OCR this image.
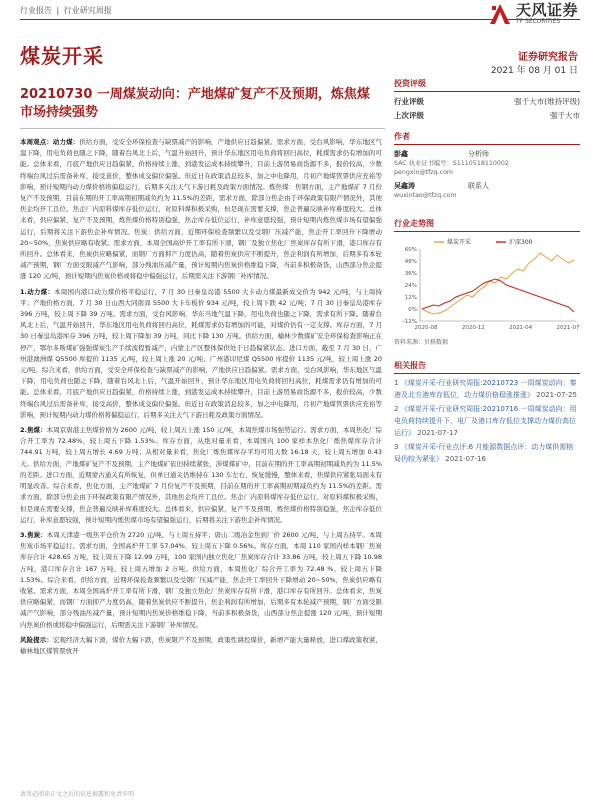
行业报告 | 行业研究周报	天风证券
TF SECURITIES
煤炭开采	证券研究报告
2021 年 08 月 01 日
20210730 一周煤炭动向：产地煤矿复产不及预期，炼焦煤市场持续强势

本周观点：动力煤：供给方面，受安全环保检查与缺票减产的影响，产地供应日趋偏紧。需求方面，受台风影响，华东地区气温下降，用电负荷也随之下降，随着台风北上后，气温升始回升，预计华东地区用电负荷将回归高位，耗煤需求仍有增加的可能。总体来看，月底产地供应日趋偏紧，价格持续上涨，到港发运成本持续攀升，目前上游贸易商货源不多，报价较高，少数终端台风过后需备补库，接受意价，整体成交偏位偏强。但近日在政策消息较多，加之中电降用，月初产地煤管票供应充裕等影响，预计短期内动力煤价格将偏稳运行，后期多关注天气下游日耗及政策方面情况。炼焦煤：焦钢方面，主产地煤矿 7 月份复产不及预期，目前在期的开工率高期初期减负约为 11.5%的差距，需求方面，除部分焦企由于环保政策有限产情况外，其他焦企均开工良位。焦企厂内原料煤库存低位运行，对原料煤积极采购，但是现在需要支撑，焦企普遍反映补库难度较大。总体来看，供应偏紧，复产不及预期，炼焦煤价格特别稳强，焦企库存低位运行，补库意愿较强，预计短期内炼焦煤市场有望偏强运行，后期将关注下游焦企补库情况。焦炭：供给方面，近期环保检查频繁以及受钢厂压减产能，焦企开工率回升下降增动 20~50%，焦炭供应略有收紧。需求方面，本周全国高炉开工率有所下滑，钢厂及独立焦化厂焦炭库存有所下滑，港口库存有所回升。总体看来，焦炭供应略偏紧，而钢厂方面抑产力度仍高，随着焦炭供应不断提升，焦企利润有所增加，后期多有本轮减产预期，钢厂方面受限减产气影响，部分残油压减产量，预计短期内焦炭价格维稳下降，当前多积极备货，山西部分焦企提涨 120 元/吨，预计短期内焦炭价格或将稳中偏强运行，后期需关注下游钢厂补库情况。

1.动力煤：本周国内港口动力煤价格平稳运行，7 月 30 日秦皇岛港 5500 大卡动力煤最新成交价为 942 元/吨，与上周持平；产地价格方面，7 月 30 日山西大同南郊 5500 大卡车板价 934 元/吨，较上周下跌 42 元/吨；7 月 30 日秦皇岛港库存 396 万吨，较上周下降 39 万吨。需求方面，受台风影响，华东当地气温下降，用电负荷也随之下降，需求有所下降。随着台风北上后，气温开始回升，华东地区用电负荷将回归高位，耗煤需求仍有增加的可能，对煤价仍有一定支撑。库存方面，7 月 30 日秦皇岛港库存 396 万吨，较上周下降加 39 万吨，同比下降 130 万吨。供给方面，榆林少数煤矿安全环保检查影响正在停产，鄂尔多斯煤矿强强煤炭生产手续流程暂减产，内蒙主产区整体保供处于日趋偏紧状态。进口方面，截至 7 月 30 日，广州港澳洲煤 Q5500 库提价 1135 元/吨，较上周上涨 20 元/吨；广州港印尼煤 Q5500 库提价 1135 元/吨，较上周上涨 20 元/吨。综合来看，供给方面，受安全环保检查与缺票减产的影响，产地供应日趋偏紧。需求方面，受台风影响，华东地区气温下降，用电负荷也随之下降，随着台风北上后，气温开始回升，预计华东地区用电负荷将回归高位，耗煤需求仍有增加的可能。总体来看，月底产地供应日趋偏紧，价格持续上涨，到港发运成本持续攀升，目前上游贸易商货源不多，报价较高，少数终端台风过后需备补库，接受高价，整体成交偏位偏强。但近日在政策消息较多，加之中电降用，月初产地煤管票供应充裕等影响，预计短期内动力煤价格将偏稳运行，后期多关注天气下游日耗及政策方面情况。

2.焦煤：本周京唐港主焦煤价格为 2600 元/吨，较上周五上涨 150 元/吨，本周焦煤市场强势运行。需求方面，本周焦化厂综合开工率为 72.48%，较上周五下降 1.53%。库存方面，从绝对量来看，本周国内 100 家样本焦化厂炼焦煤库存合计 744.91 万吨，较上周五增长 4.69 万吨；从相对量来看，焦化厂炼焦煤库存平均可用天数 16.18 天，较上周五增加 0.43 天。供给方面，产地煤矿复产不及预期，主产地煤矿依旧持续紧张，涉煤煤矿中，目前在期的开工率高期初期减负约为 11.5%的差距。进口方面，近期蒙古通关有所恢复，但单日通关仍维持在 130 车左右，恢复缓慢，整体来看，焦煤供应紧张局面未有明显改善。综合来看，焦化方面，主产地煤矿 7 月份复产不及预期，目前在期的开工率高期初期减负约为 11.5%的差距。需求方面，除部分焦企由于环保政策有限产情况外，其他焦企均开工良位。焦企厂内原料煤库存低位运行，对原料煤积极采购，但是现在需要支撑，焦企普遍反映补库难度较大。总体看来，供应偏紧，复产不及预期，炼焦煤价格特别稳强，焦企库存低位运行，补库意愿较强，预计短期内炼焦煤市场有望偏强运行，后期将关注下游焦企补库情况。

3.焦炭：本周天津港一级焦平仓价为 2720 元/吨，与上周五持平；唐山二级冶金焦到厂价 2600 元/吨，与上周五持平。本周焦炭市场平稳运行。需求方面，全国高炉开工率 57.04%，较上周五下降 0.56%。库存方面，本周 110 家国内样本钢厂焦炭库存合计 428.65 万吨，较上周五下降 12.99 万吨，100 家国内独立焦化厂焦炭库存合计 33.86 万吨，较上周五下降 10.98 万吨，港口库存合计 167 万吨，较上周五增加 2 万吨。供给方面，本周焦化厂综合开工率为 72.48 %，较上周五下降 1.53%。综合来看，供给方面，近期环保检查频繁以及受钢厂压减产能，焦企开工率回升下降增动 20~50%，焦炭供应略有收紧。需求方面，本周全国高炉开工率有所下滑，钢厂及独立焦化厂焦炭库存有所下滑，港口库存有所回升。总体看来，焦炭供应略偏紧，而钢厂方面抑产力度仍高，随着焦炭供应不断提升，焦企利润有所增加，后期多有本轮减产预期，钢厂方面受限减产气影响，部分残油压减产量，预计短期内焦炭价格维稳下降，当前多积极备货，山西部分焦企提涨 120 元/吨，预计短期内焦炭价格或将稳中偏强运行，后期需关注下游钢厂补库情况。

风险提示：宏观经济大幅下滑，煤价大幅下跌，焦炭限产不及预期，政策性调控煤价，新增产能大量释放，进口煤政策收紧，榆林地区煤管票放开

投资评级
行业评级	强于大市(维持评级)
上次评级	强于大市
作者
彭鑫	分析师
SAC 执业证书编号：S1110518110002
pengxin@tfzq.com
吴鑫涛	联系人
wuxintao@tfzq.com
行业走势图
60%
48%
36%
24%
12%
0%
-12%
2020-08	2020-12	2021-04	2021-07
煤炭开采	沪深300
资料来源：贝格数据
相关报告
1 《煤炭开采-行业研究周报:20210723 一周煤炭动向：秦港及北方港库存低位，动力煤价格稳涨推涨》 2021-07-25
2 《煤炭开采-行业研究周报:20210716 一周煤炭动向：用电负荷持续提升下，电厂及港口库存低位支撑动力煤价高位运行》 2021-07-17
3 《煤炭开采-行业点评:6 月能源数据点评：动力煤供需格局仍较为紧张》 2021-07-16
请务必阅读正文之后的信息披露和免责申明
